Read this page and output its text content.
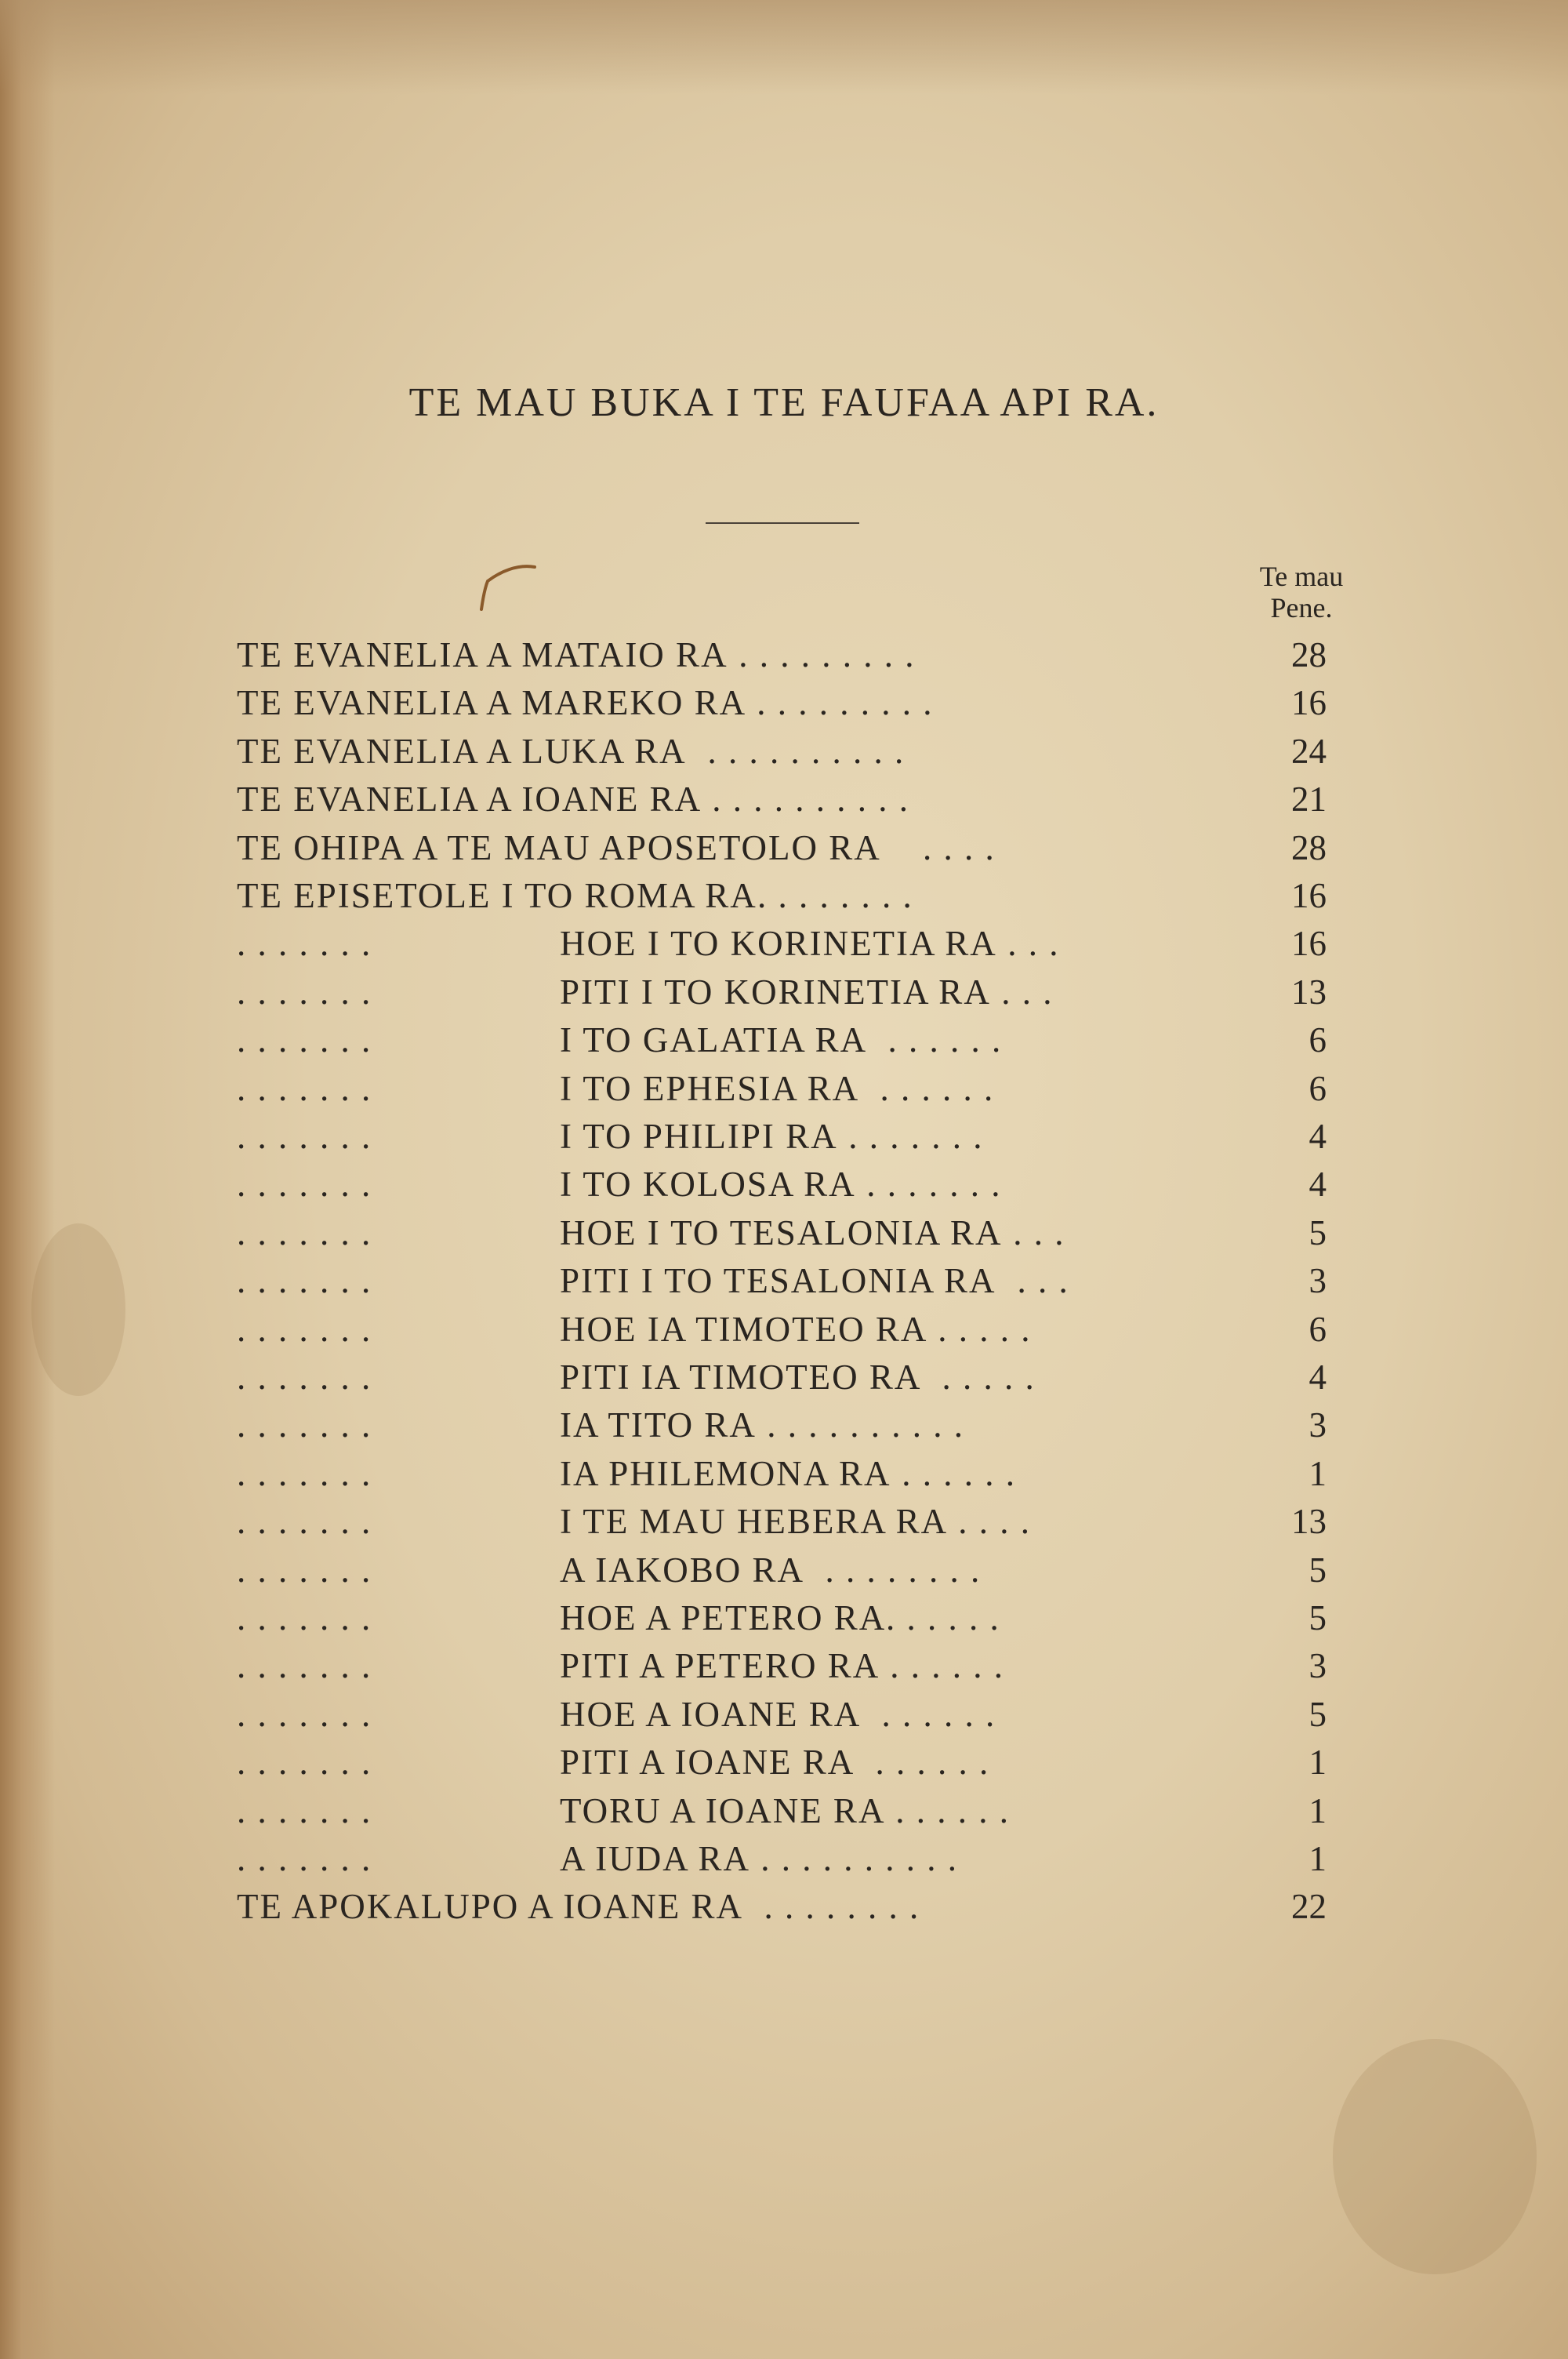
TE MAU BUKA I TE FAUFAA API RA.
Te mau
Pene.
TE EVANELIA A MATAIO RA . . . . . . . . .	28
TE EVANELIA A MAREKO RA . . . . . . . . .	16
TE EVANELIA A LUKA RA . . . . . . . . . .	24
TE EVANELIA A IOANE RA . . . . . . . . . .	21
TE OHIPA A TE MAU APOSETOLO RA . . . .	28
TE EPISETOLE I TO ROMA RA . . . . . . . .	16
. . . . . . .	HOE I TO KORINETIA RA . . .	16
. . . . . . .	PITI I TO KORINETIA RA . . .	13
. . . . . . .	I TO GALATIA RA . . . . . .	6
. . . . . . .	I TO EPHESIA RA . . . . . .	6
. . . . . . .	I TO PHILIPI RA . . . . . . .	4
. . . . . . .	I TO KOLOSA RA . . . . . . .	4
. . . . . . .	HOE I TO TESALONIA RA . . .	5
. . . . . . .	PITI I TO TESALONIA RA . . .	3
. . . . . . .	HOE IA TIMOTEO RA . . . . .	6
. . . . . . .	PITI IA TIMOTEO RA . . . . .	4
. . . . . . .	IA TITO RA . . . . . . . . . .	3
. . . . . . .	IA PHILEMONA RA . . . . . .	1
. . . . . . .	I TE MAU HEBERA RA . . . .	13
. . . . . . .	A IAKOBO RA . . . . . . . .	5
. . . . . . .	HOE A PETERO RA . . . . . .	5
. . . . . . .	PITI A PETERO RA . . . . . .	3
. . . . . . .	HOE A IOANE RA . . . . . .	5
. . . . . . .	PITI A IOANE RA . . . . . .	1
. . . . . . .	TORU A IOANE RA . . . . . .	1
. . . . . . .	A IUDA RA . . . . . . . . . .	1
TE APOKALUPO A IOANE RA . . . . . . . .	22
